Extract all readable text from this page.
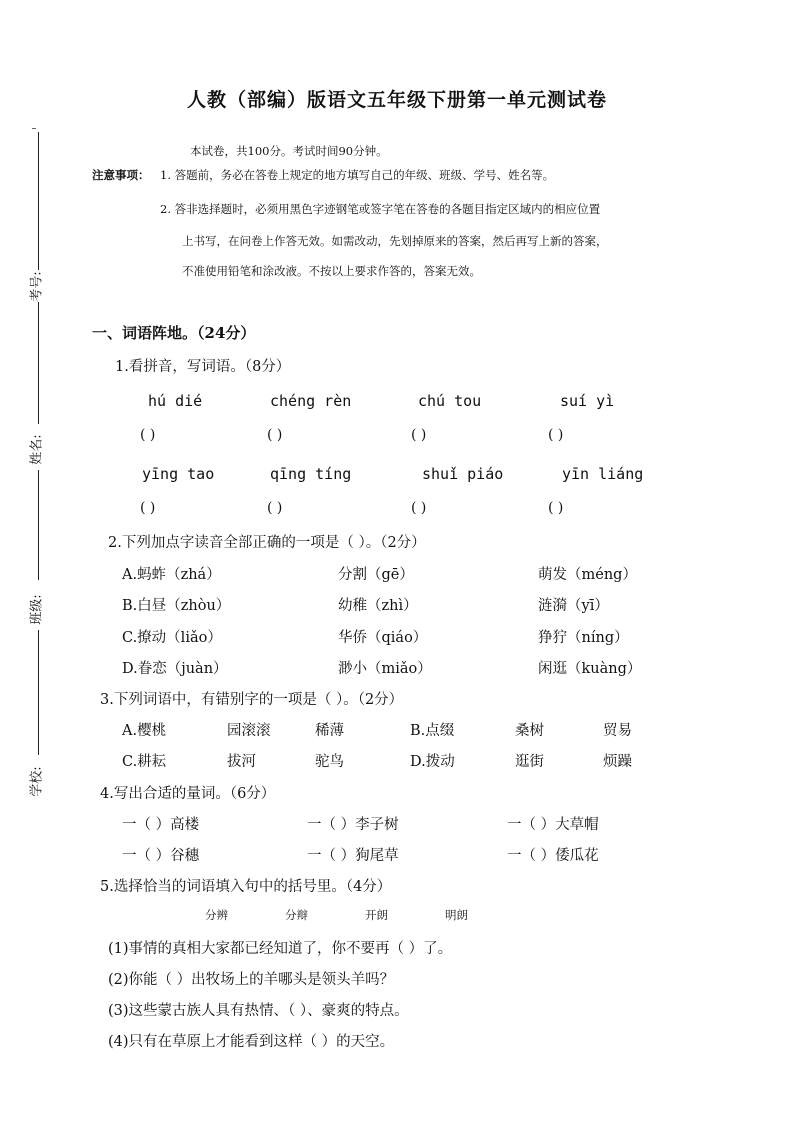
考号:
姓名:
班级:
学校:
人教（部编）版语文五年级下册第一单元测试卷
本试卷，共100分。考试时间90分钟。
注意事项： 1. 答题前，务必在答卷上规定的地方填写自己的年级、班级、学号、姓名等。
2. 答非选择题时，必须用黑色字迹钢笔或签字笔在答卷的各题目指定区域内的相应位置
上书写，在问卷上作答无效。如需改动，先划掉原来的答案，然后再写上新的答案，
不准使用铅笔和涂改液。不按以上要求作答的，答案无效。
一、词语阵地。（24分）
1.看拼音，写词语。（8分）
hú dié	chéng rèn	chú tou	suí yì
( )	( )	( )	( )
yīng tao	qīng tíng	shuǐ piáo	yīn liáng
( )	( )	( )	( )
2.下列加点字读音全部正确的一项是（ ）。（2分）
A.蚂蚱（zhá）	分割（gē）	萌发（méng）
B.白昼（zhòu）	幼稚（zhì）	涟漪（yī）
C.撩动（liǎo）	华侨（qiáo）	狰狞（níng）
D.眷恋（juàn）	渺小（miǎo）	闲逛（kuàng）
3.下列词语中，有错别字的一项是（ ）。（2分）
A.樱桃	园滚滚	稀薄	B.点缀	桑树	贸易
C.耕耘	拔河	驼鸟	D.拨动	逛街	烦躁
4.写出合适的量词。（6分）
一（ ）高楼	一（ ）李子树	一（ ）大草帽
一（ ）谷穗	一（ ）狗尾草	一（ ）倭瓜花
5.选择恰当的词语填入句中的括号里。（4分）
分辨	分辩	开朗	明朗
(1)事情的真相大家都已经知道了，你不要再（ ）了。
(2)你能（ ）出牧场上的羊哪头是领头羊吗？
(3)这些蒙古族人具有热情、（ ）、豪爽的特点。
(4)只有在草原上才能看到这样（ ）的天空。
